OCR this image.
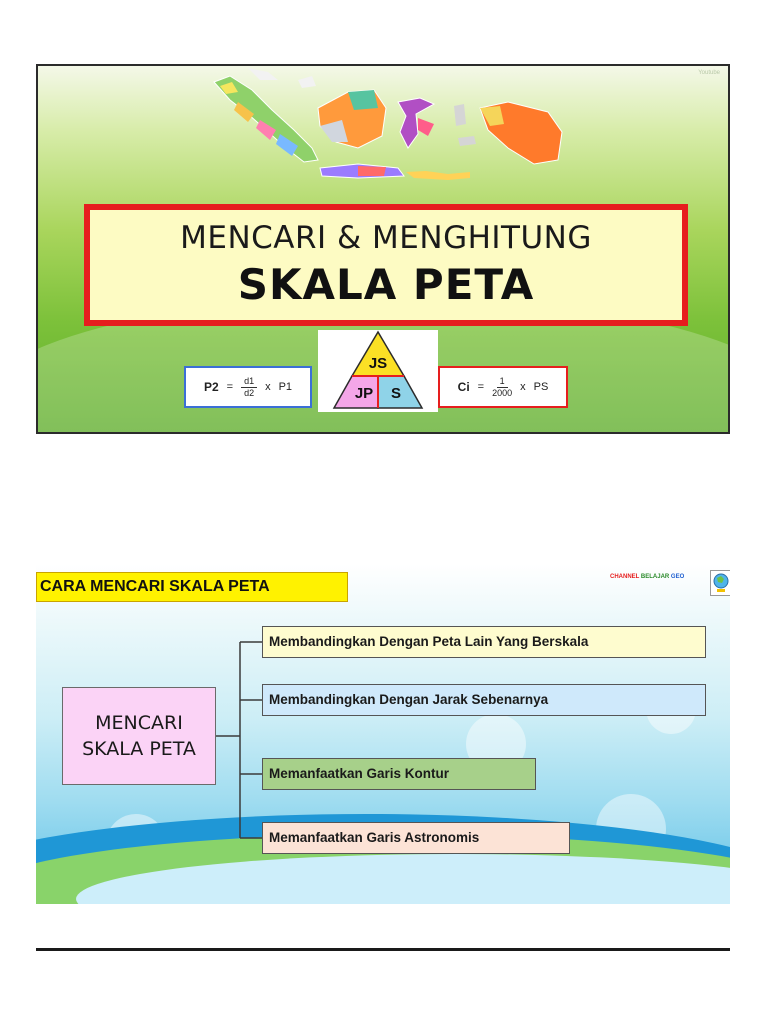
Youtube
MENCARI & MENGHITUNG
SKALA PETA
JS
JP S
$P2 = \frac{d1}{d2}$ x P1	$Ci = \frac{1}{2000}$ x PS
CARA MENCARI SKALA PETA
CHANNEL BELAJAR GEO
MENCARI
SKALA PETA
Membandingkan Dengan Peta Lain Yang Berskala
Membandingkan Dengan Jarak Sebenarnya
Memanfaatkan Garis Kontur
Memanfaatkan Garis Astronomis
